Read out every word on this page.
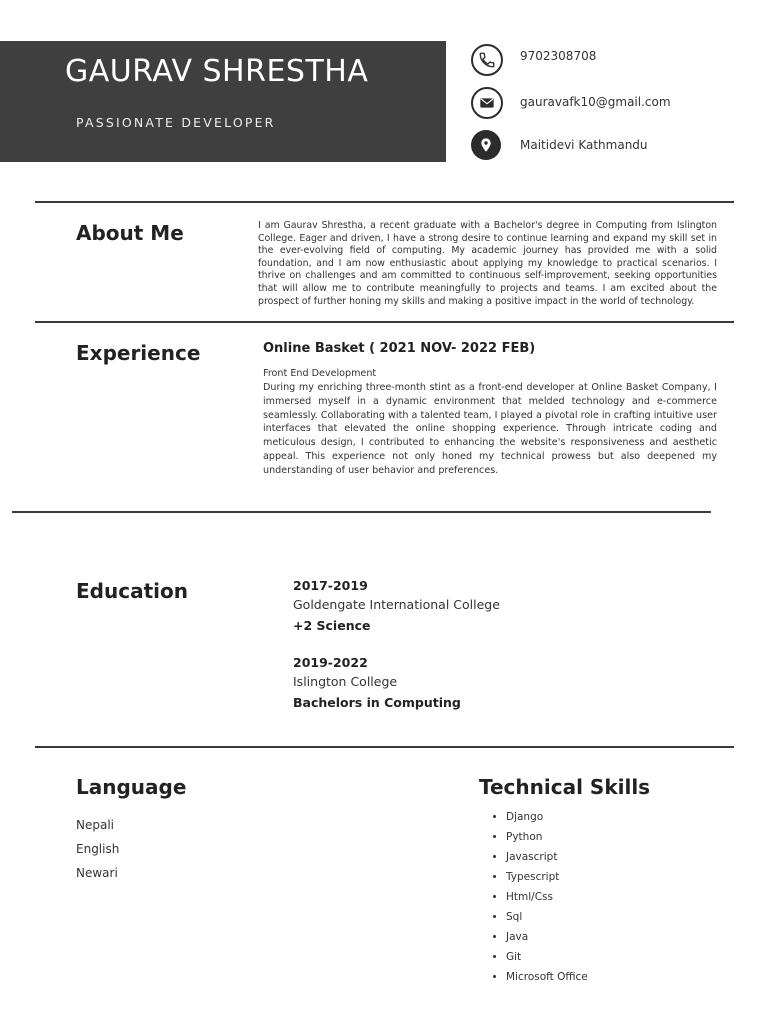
GAURAV SHRESTHA
PASSIONATE DEVELOPER
9702308708
gauravafk10@gmail.com
Maitidevi Kathmandu
About Me	I am Gaurav Shrestha, a recent graduate with a Bachelor's degree in Computing from Islington College. Eager and driven, I have a strong desire to continue learning and expand my skill set in the ever-evolving field of computing. My academic journey has provided me with a solid foundation, and I am now enthusiastic about applying my knowledge to practical scenarios. I thrive on challenges and am committed to continuous self-improvement, seeking opportunities that will allow me to contribute meaningfully to projects and teams. I am excited about the prospect of further honing my skills and making a positive impact in the world of technology.
Experience	Online Basket ( 2021 NOV- 2022 FEB)
Front End Development
During my enriching three-month stint as a front-end developer at Online Basket Company, I immersed myself in a dynamic environment that melded technology and e-commerce seamlessly. Collaborating with a talented team, I played a pivotal role in crafting intuitive user interfaces that elevated the online shopping experience. Through intricate coding and meticulous design, I contributed to enhancing the website's responsiveness and aesthetic appeal. This experience not only honed my technical prowess but also deepened my understanding of user behavior and preferences.
Education	2017-2019
Goldengate International College
+2 Science
2019-2022
Islington College
Bachelors in Computing
Language
Nepali
English
Newari
Technical Skills
• Django
• Python
• Javascript
• Typescript
• Html/Css
• Sql
• Java
• Git
• Microsoft Office
